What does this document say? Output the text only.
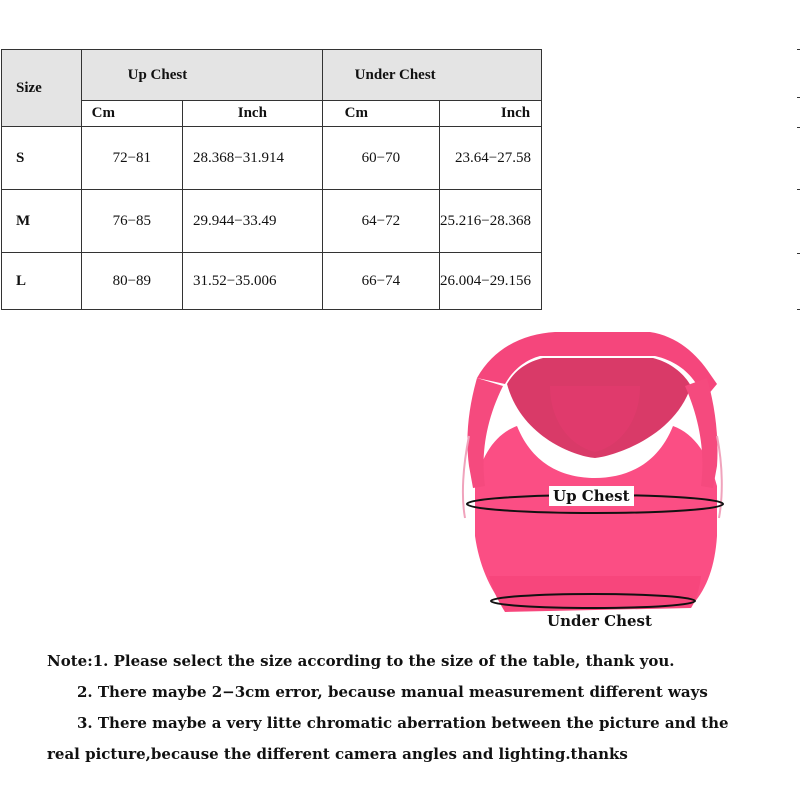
Size	Up Chest		Under Chest	
	Cm	Inch	Cm	Inch
S	72−81	28.368−31.914	60−70	23.64−27.58
M	76−85	29.944−33.49	64−72	25.216−28.368
L	80−89	31.52−35.006	66−74	26.004−29.156
Up Chest
Under Chest

Note:1. Please select the size according to the size of the table, thank you.

2. There maybe 2−3cm error, because manual measurement different ways

3. There maybe a very litte chromatic aberration between the picture and the

real picture,because the different camera angles and lighting.thanks
